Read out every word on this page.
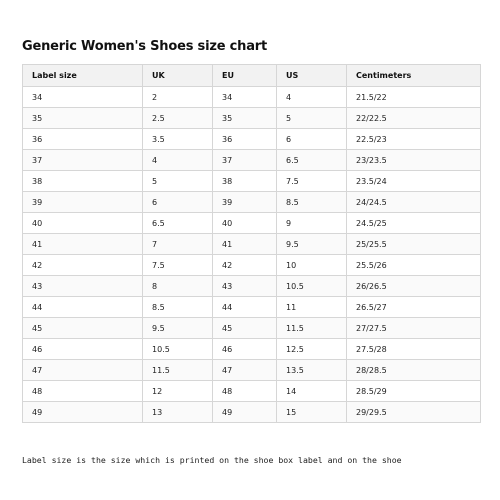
Generic Women's Shoes size chart
Label size	UK	EU	US	Centimeters
34	2	34	4	21.5/22
35	2.5	35	5	22/22.5
36	3.5	36	6	22.5/23
37	4	37	6.5	23/23.5
38	5	38	7.5	23.5/24
39	6	39	8.5	24/24.5
40	6.5	40	9	24.5/25
41	7	41	9.5	25/25.5
42	7.5	42	10	25.5/26
43	8	43	10.5	26/26.5
44	8.5	44	11	26.5/27
45	9.5	45	11.5	27/27.5
46	10.5	46	12.5	27.5/28
47	11.5	47	13.5	28/28.5
48	12	48	14	28.5/29
49	13	49	15	29/29.5
Label size is the size which is printed on the shoe box label and on the shoe
